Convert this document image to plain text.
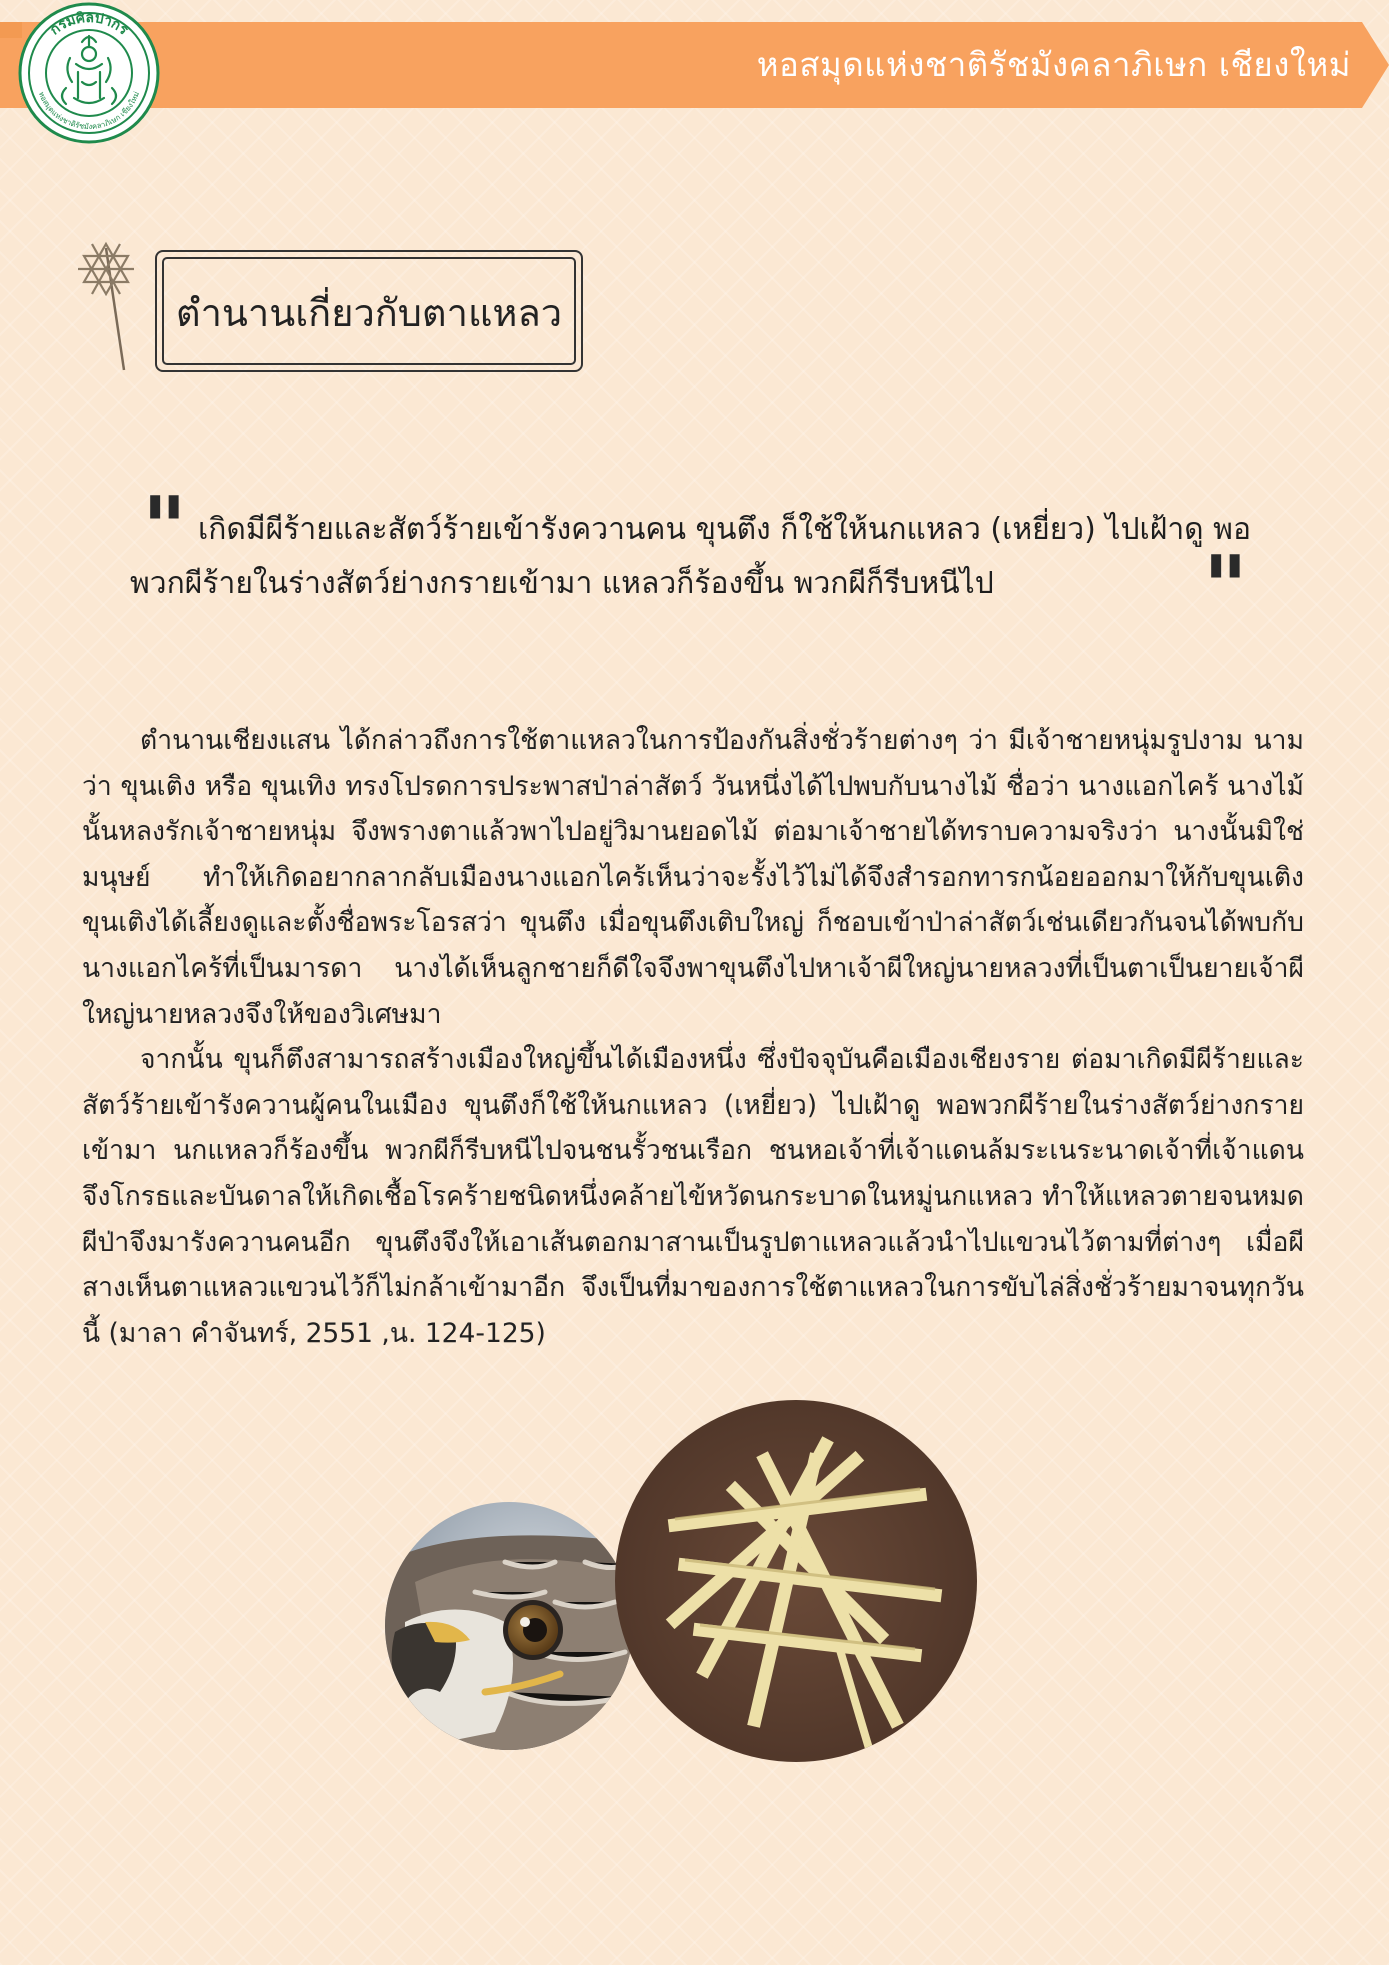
หอสมุดแห่งชาติรัชมังคลาภิเษก เชียงใหม่
กรมศิลปากร
หอสมุดแห่งชาติรัชมังคลาภิเษก เชียงใหม่
ตำนานเกี่ยวกับตาแหลว
" เกิดมีผีร้ายและสัตว์ร้ายเข้ารังควานคน ขุนตึง ก็ใช้ให้นกแหลว (เหยี่ยว) ไปเฝ้าดู พอพวกผีร้ายในร่างสัตว์ย่างกรายเข้ามา แหลวก็ร้องขึ้น พวกผีก็รีบหนีไป	"

ตำนานเชียงแสน ได้กล่าวถึงการใช้ตาแหลวในการป้องกันสิ่งชั่วร้ายต่างๆ ว่า มีเจ้าชายหนุ่มรูปงาม นามว่า ขุนเติง หรือ ขุนเทิง ทรงโปรดการประพาสป่าล่าสัตว์ วันหนึ่งได้ไปพบกับนางไม้ ชื่อว่า นางแอกไคร้ นางไม้นั้นหลงรักเจ้าชายหนุ่ม จึงพรางตาแล้วพาไปอยู่วิมานยอดไม้ ต่อมาเจ้าชายได้ทราบความจริงว่า นางนั้นมิใช่มนุษย์ ทำให้เกิดอยากลากลับเมืองนางแอกไคร้เห็นว่าจะรั้งไว้ไม่ได้จึงสำรอกทารกน้อยออกมาให้กับขุนเติง ขุนเติงได้เลี้ยงดูและตั้งชื่อพระโอรสว่า ขุนตึง เมื่อขุนตึงเติบใหญ่ ก็ชอบเข้าป่าล่าสัตว์เช่นเดียวกันจนได้พบกับนางแอกไคร้ที่เป็นมารดา นางได้เห็นลูกชายก็ดีใจจึงพาขุนตึงไปหาเจ้าผีใหญ่นายหลวงที่เป็นตาเป็นยายเจ้าผีใหญ่นายหลวงจึงให้ของวิเศษมา

จากนั้น ขุนก็ตึงสามารถสร้างเมืองใหญ่ขึ้นได้เมืองหนึ่ง ซึ่งปัจจุบันคือเมืองเชียงราย ต่อมาเกิดมีผีร้ายและสัตว์ร้ายเข้ารังควานผู้คนในเมือง ขุนตึงก็ใช้ให้นกแหลว (เหยี่ยว) ไปเฝ้าดู พอพวกผีร้ายในร่างสัตว์ย่างกรายเข้ามา นกแหลวก็ร้องขึ้น พวกผีก็รีบหนีไปจนชนรั้วชนเรือก ชนหอเจ้าที่เจ้าแดนล้มระเนระนาดเจ้าที่เจ้าแดนจึงโกรธและบันดาลให้เกิดเชื้อโรคร้ายชนิดหนึ่งคล้ายไข้หวัดนกระบาดในหมู่นกแหลว ทำให้แหลวตายจนหมด ผีป่าจึงมารังควานคนอีก ขุนตึงจึงให้เอาเส้นตอกมาสานเป็นรูปตาแหลวแล้วนำไปแขวนไว้ตามที่ต่างๆ เมื่อผีสางเห็นตาแหลวแขวนไว้ก็ไม่กล้าเข้ามาอีก จึงเป็นที่มาของการใช้ตาแหลวในการขับไล่สิ่งชั่วร้ายมาจนทุกวันนี้ (มาลา คำจันทร์, 2551 ,น. 124-125)
